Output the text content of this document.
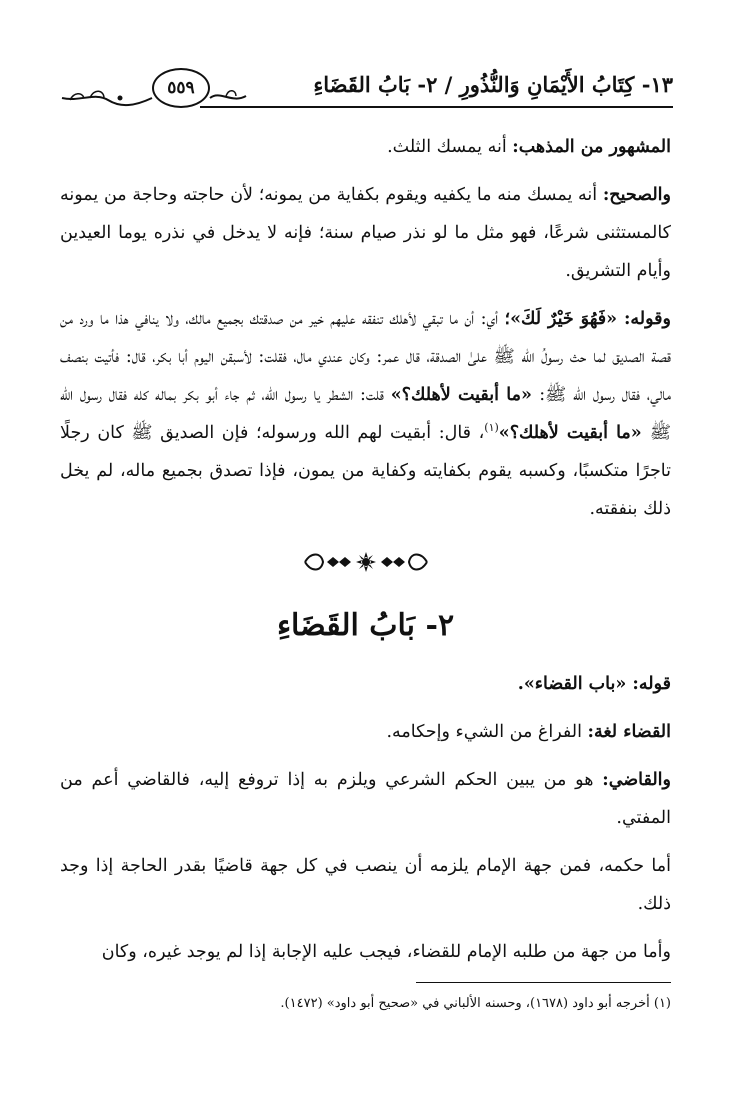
٥٥٩	١٣- كِتَابُ الأَيْمَانِ وَالنُّذُورِ / ٢- بَابُ القَضَاءِ

المشهور من المذهب: أنه يمسك الثلث.

والصحيح: أنه يمسك منه ما يكفيه ويقوم بكفاية من يمونه؛ لأن حاجته وحاجة من يمونه كالمستثنى شرعًا، فهو مثل ما لو نذر صيام سنة؛ فإنه لا يدخل في نذره يوما العيدين وأيام التشريق.

وقوله: «فَهُوَ خَيْرٌ لَكَ»؛ أي: أن ما تبقي لأهلك تنفقه عليهم خير من صدقتك بجميع مالك، ولا ينافي هذا ما ورد من قصة الصديق لما حث رسولُ الله ﷺ علىٰ الصدقة، قال عمر: وكان عندي مال، فقلت: لأسبقن اليوم أبا بكر، قال: فأتيت بنصف مالي، فقال رسول الله ﷺ: «ما أبقيت لأهلك؟» قلت: الشطر يا رسول الله، ثم جاء أبو بكر بماله كله فقال رسول الله ﷺ «ما أبقيت لأهلك؟»$^{(١)}$، قال: أبقيت لهم الله ورسوله؛ فإن الصديق ﷺ كان رجلًا تاجرًا متكسبًا، وكسبه يقوم بكفايته وكفاية من يمون، فإذا تصدق بجميع ماله، لم يخل ذلك بنفقته.

٢- بَابُ القَضَاءِ

قوله: «باب القضاء».

القضاء لغة: الفراغ من الشيء وإحكامه.

والقاضي: هو من يبين الحكم الشرعي ويلزم به إذا تروفع إليه، فالقاضي أعم من المفتي.

أما حكمه، فمن جهة الإمام يلزمه أن ينصب في كل جهة قاضيًا بقدر الحاجة إذا وجد ذلك.

وأما من جهة من طلبه الإمام للقضاء، فيجب عليه الإجابة إذا لم يوجد غيره، وكان

(١) أخرجه أبو داود (١٦٧٨)، وحسنه الألباني في «صحيح أبو داود» (١٤٧٢).
